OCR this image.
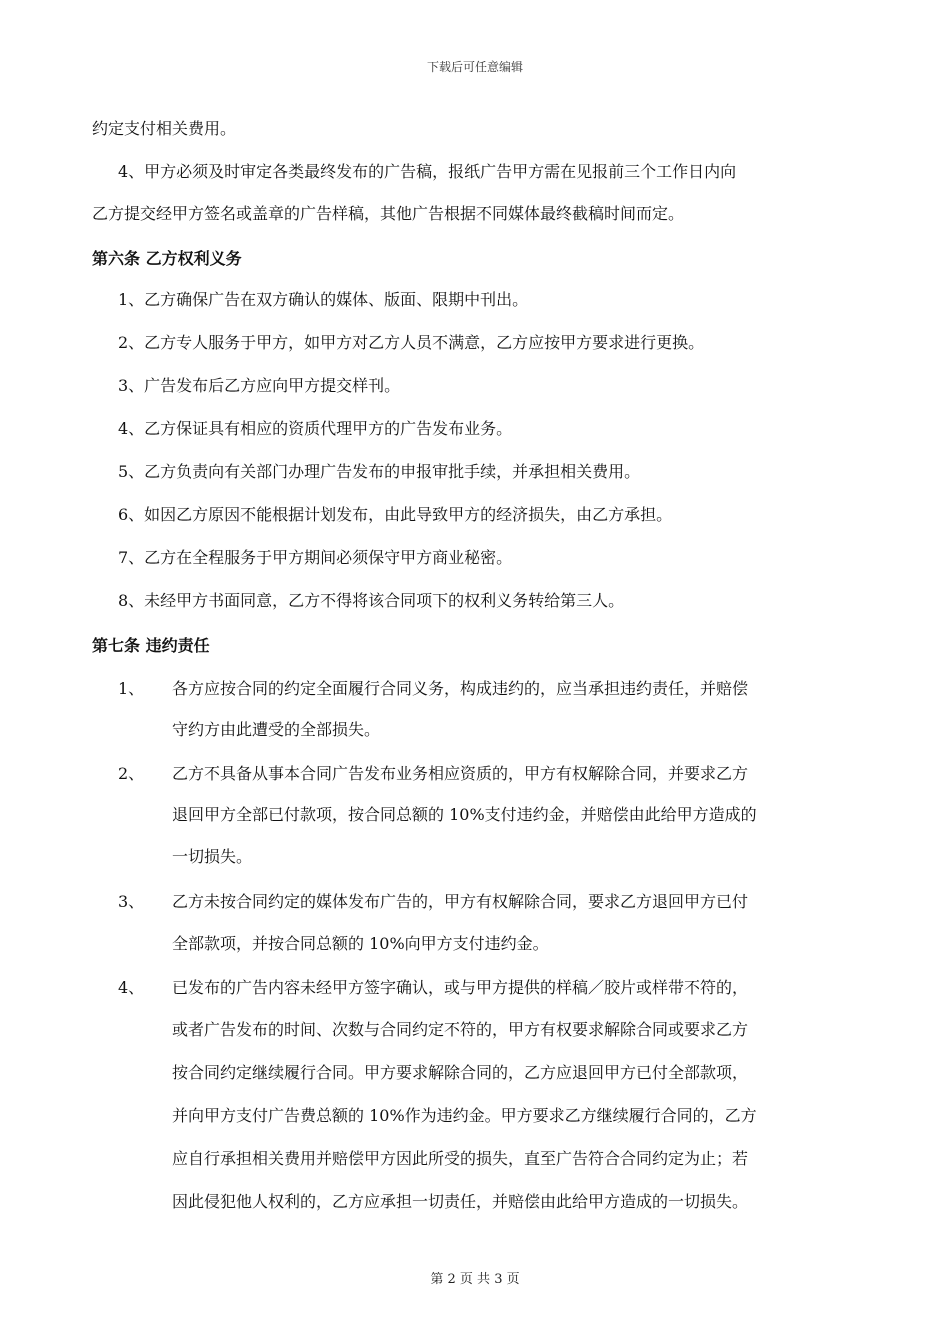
下载后可任意编辑
约定支付相关费用。
4、甲方必须及时审定各类最终发布的广告稿，报纸广告甲方需在见报前三个工作日内向
乙方提交经甲方签名或盖章的广告样稿，其他广告根据不同媒体最终截稿时间而定。
第六条 乙方权利义务
1、乙方确保广告在双方确认的媒体、版面、限期中刊出。
2、乙方专人服务于甲方，如甲方对乙方人员不满意，乙方应按甲方要求进行更换。
3、广告发布后乙方应向甲方提交样刊。
4、乙方保证具有相应的资质代理甲方的广告发布业务。
5、乙方负责向有关部门办理广告发布的申报审批手续，并承担相关费用。
6、如因乙方原因不能根据计划发布，由此导致甲方的经济损失，由乙方承担。
7、乙方在全程服务于甲方期间必须保守甲方商业秘密。
8、未经甲方书面同意，乙方不得将该合同项下的权利义务转给第三人。
第七条 违约责任
1、 各方应按合同的约定全面履行合同义务，构成违约的，应当承担违约责任，并赔偿
守约方由此遭受的全部损失。
2、 乙方不具备从事本合同广告发布业务相应资质的，甲方有权解除合同，并要求乙方
退回甲方全部已付款项，按合同总额的 10%支付违约金，并赔偿由此给甲方造成的
一切损失。
3、 乙方未按合同约定的媒体发布广告的，甲方有权解除合同，要求乙方退回甲方已付
全部款项，并按合同总额的 10%向甲方支付违约金。
4、 已发布的广告内容未经甲方签字确认，或与甲方提供的样稿／胶片或样带不符的，
或者广告发布的时间、次数与合同约定不符的，甲方有权要求解除合同或要求乙方
按合同约定继续履行合同。甲方要求解除合同的，乙方应退回甲方已付全部款项，
并向甲方支付广告费总额的 10%作为违约金。甲方要求乙方继续履行合同的，乙方
应自行承担相关费用并赔偿甲方因此所受的损失，直至广告符合合同约定为止；若
因此侵犯他人权利的，乙方应承担一切责任，并赔偿由此给甲方造成的一切损失。
第 2 页 共 3 页
